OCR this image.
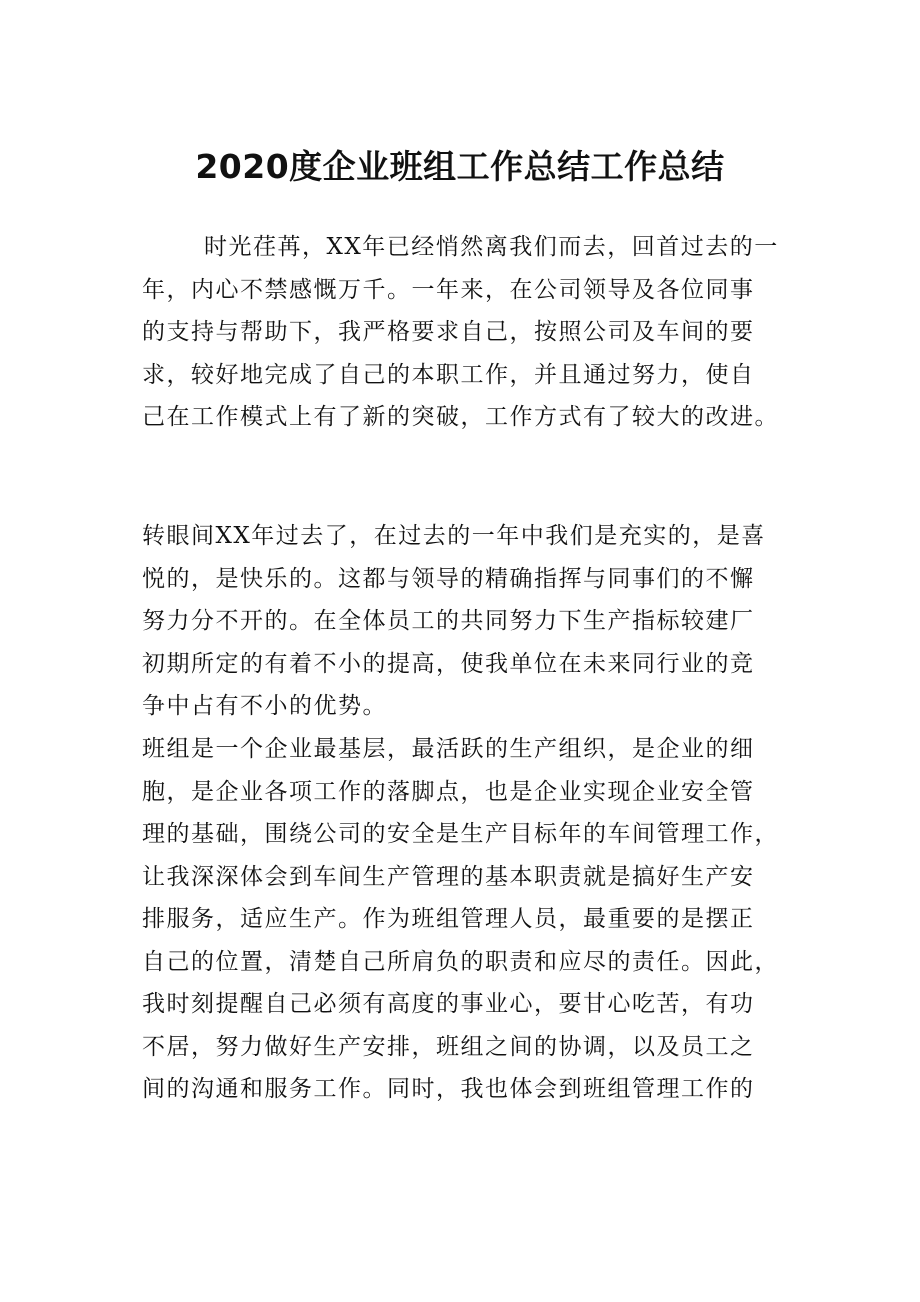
2020度企业班组工作总结工作总结
时光荏苒，XX年已经悄然离我们而去，回首过去的一
年，内心不禁感慨万千。一年来，在公司领导及各位同事
的支持与帮助下，我严格要求自己，按照公司及车间的要
求，较好地完成了自己的本职工作，并且通过努力，使自
己在工作模式上有了新的突破，工作方式有了较大的改进。
转眼间XX年过去了，在过去的一年中我们是充实的，是喜
悦的，是快乐的。这都与领导的精确指挥与同事们的不懈
努力分不开的。在全体员工的共同努力下生产指标较建厂
初期所定的有着不小的提高，使我单位在未来同行业的竞
争中占有不小的优势。
班组是一个企业最基层，最活跃的生产组织，是企业的细
胞，是企业各项工作的落脚点，也是企业实现企业安全管
理的基础，围绕公司的安全是生产目标年的车间管理工作，
让我深深体会到车间生产管理的基本职责就是搞好生产安
排服务，适应生产。作为班组管理人员，最重要的是摆正
自己的位置，清楚自己所肩负的职责和应尽的责任。因此，
我时刻提醒自己必须有高度的事业心，要甘心吃苦，有功
不居，努力做好生产安排，班组之间的协调，以及员工之
间的沟通和服务工作。同时，我也体会到班组管理工作的
